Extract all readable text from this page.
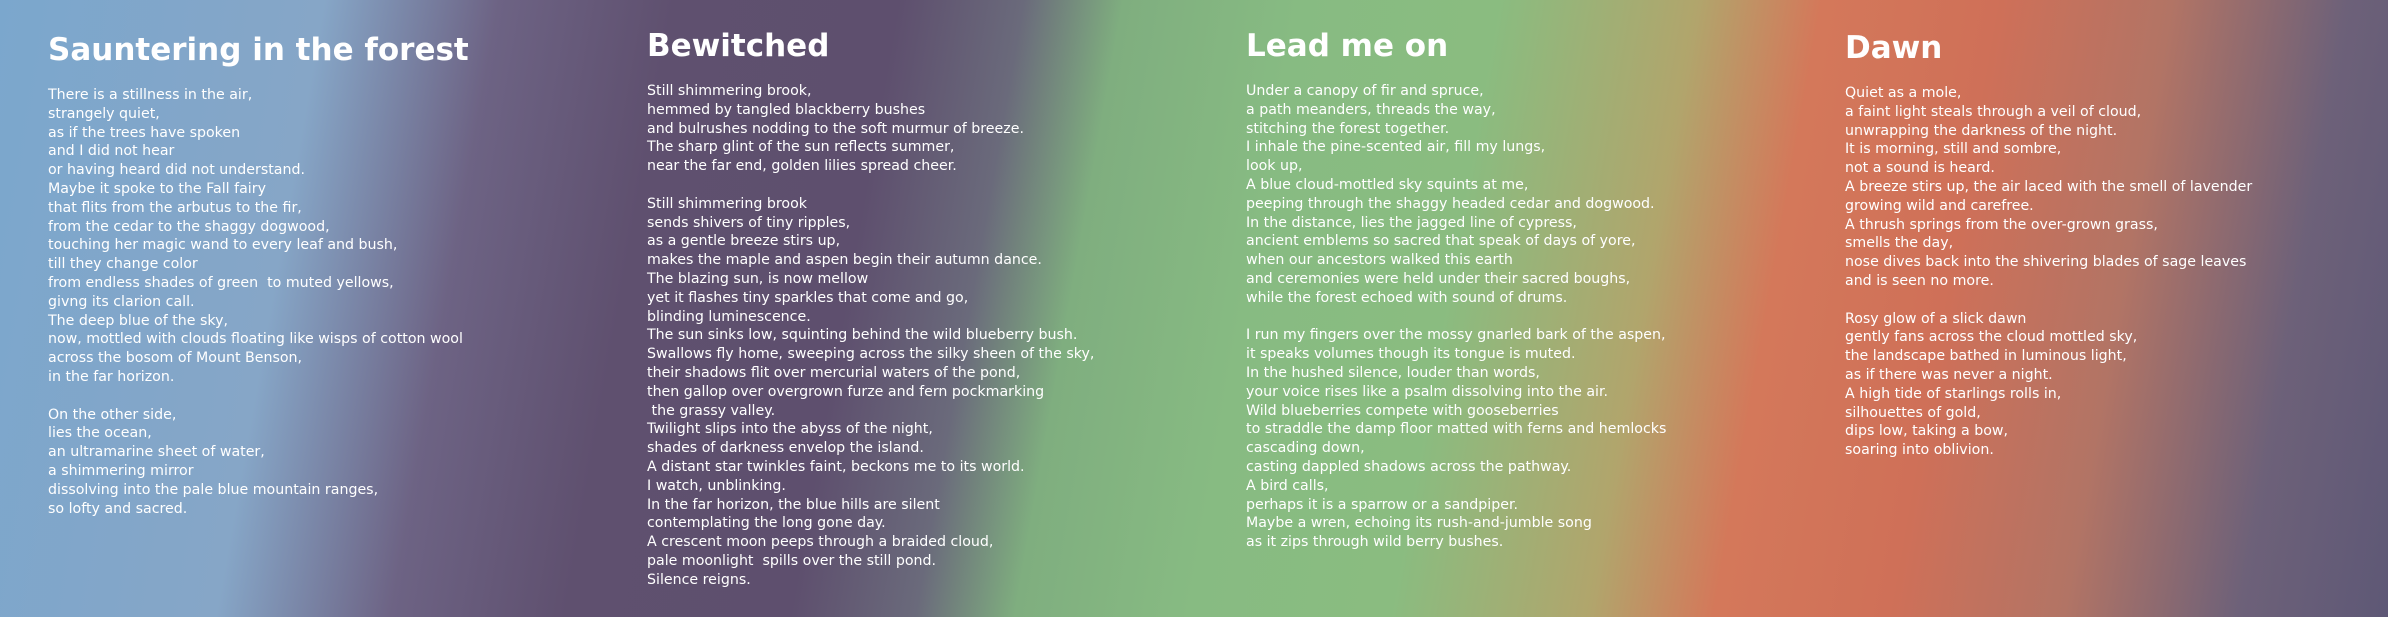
Sauntering in the forest
There is a stillness in the air,
strangely quiet,
as if the trees have spoken
and I did not hear
or having heard did not understand.
Maybe it spoke to the Fall fairy
that flits from the arbutus to the fir,
from the cedar to the shaggy dogwood,
touching her magic wand to every leaf and bush,
till they change color
from endless shades of green  to muted yellows,
givng its clarion call.
The deep blue of the sky,
now, mottled with clouds floating like wisps of cotton wool
across the bosom of Mount Benson,
in the far horizon.
On the other side,
lies the ocean,
an ultramarine sheet of water,
a shimmering mirror
dissolving into the pale blue mountain ranges,
so lofty and sacred.
Bewitched
Still shimmering brook,
hemmed by tangled blackberry bushes
and bulrushes nodding to the soft murmur of breeze.
The sharp glint of the sun reflects summer,
near the far end, golden lilies spread cheer.
Still shimmering brook
sends shivers of tiny ripples,
as a gentle breeze stirs up,
makes the maple and aspen begin their autumn dance.
The blazing sun, is now mellow
yet it flashes tiny sparkles that come and go,
blinding luminescence.
The sun sinks low, squinting behind the wild blueberry bush.
Swallows fly home, sweeping across the silky sheen of the sky,
their shadows flit over mercurial waters of the pond,
then gallop over overgrown furze and fern pockmarking
the grassy valley.
Twilight slips into the abyss of the night,
shades of darkness envelop the island.
A distant star twinkles faint, beckons me to its world.
I watch, unblinking.
In the far horizon, the blue hills are silent
contemplating the long gone day.
A crescent moon peeps through a braided cloud,
pale moonlight  spills over the still pond.
Silence reigns.
Lead me on
Under a canopy of fir and spruce,
a path meanders, threads the way,
stitching the forest together.
I inhale the pine-scented air, fill my lungs,
look up,
A blue cloud-mottled sky squints at me,
peeping through the shaggy headed cedar and dogwood.
In the distance, lies the jagged line of cypress,
ancient emblems so sacred that speak of days of yore,
when our ancestors walked this earth
and ceremonies were held under their sacred boughs,
while the forest echoed with sound of drums.
I run my fingers over the mossy gnarled bark of the aspen,
it speaks volumes though its tongue is muted.
In the hushed silence, louder than words,
your voice rises like a psalm dissolving into the air.
Wild blueberries compete with gooseberries
to straddle the damp floor matted with ferns and hemlocks
cascading down,
casting dappled shadows across the pathway.
A bird calls,
perhaps it is a sparrow or a sandpiper.
Maybe a wren, echoing its rush-and-jumble song
as it zips through wild berry bushes.
Dawn
Quiet as a mole,
a faint light steals through a veil of cloud,
unwrapping the darkness of the night.
It is morning, still and sombre,
not a sound is heard.
A breeze stirs up, the air laced with the smell of lavender
growing wild and carefree.
A thrush springs from the over-grown grass,
smells the day,
nose dives back into the shivering blades of sage leaves
and is seen no more.
Rosy glow of a slick dawn
gently fans across the cloud mottled sky,
the landscape bathed in luminous light,
as if there was never a night.
A high tide of starlings rolls in,
silhouettes of gold,
dips low, taking a bow,
soaring into oblivion.
